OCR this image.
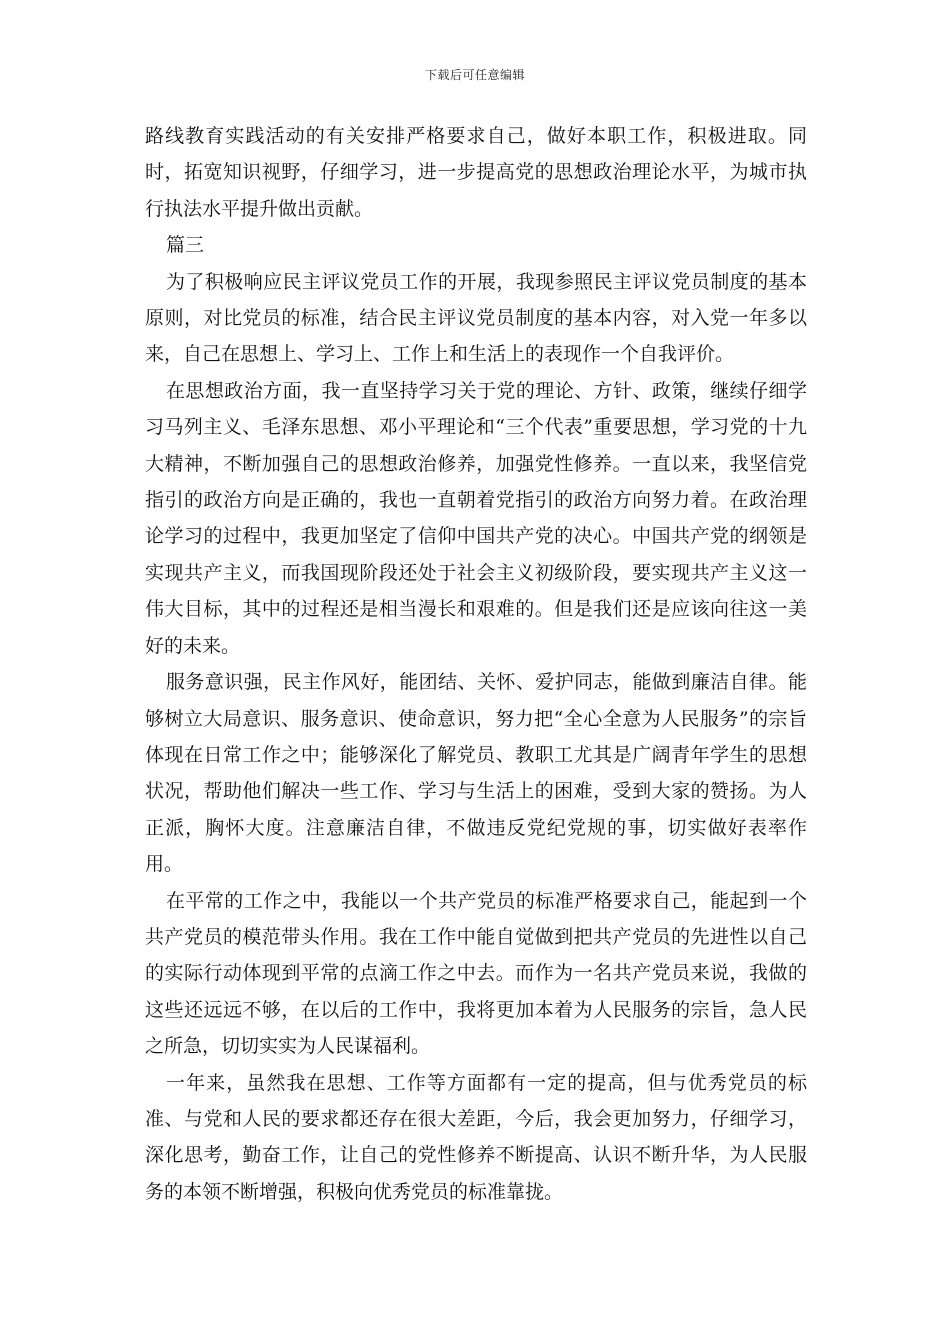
下载后可任意编辑

路线教育实践活动的有关安排严格要求自己，做好本职工作，积极进取。同时，拓宽知识视野，仔细学习，进一步提高党的思想政治理论水平，为城市执行执法水平提升做出贡献。

篇三

为了积极响应民主评议党员工作的开展，我现参照民主评议党员制度的基本原则，对比党员的标准，结合民主评议党员制度的基本内容，对入党一年多以来，自己在思想上、学习上、工作上和生活上的表现作一个自我评价。

在思想政治方面，我一直坚持学习关于党的理论、方针、政策，继续仔细学习马列主义、毛泽东思想、邓小平理论和“三个代表”重要思想，学习党的十九大精神，不断加强自己的思想政治修养，加强党性修养。一直以来，我坚信党指引的政治方向是正确的，我也一直朝着党指引的政治方向努力着。在政治理论学习的过程中，我更加坚定了信仰中国共产党的决心。中国共产党的纲领是实现共产主义，而我国现阶段还处于社会主义初级阶段，要实现共产主义这一伟大目标，其中的过程还是相当漫长和艰难的。但是我们还是应该向往这一美好的未来。

服务意识强，民主作风好，能团结、关怀、爱护同志，能做到廉洁自律。能够树立大局意识、服务意识、使命意识，努力把“全心全意为人民服务”的宗旨体现在日常工作之中；能够深化了解党员、教职工尤其是广阔青年学生的思想状况，帮助他们解决一些工作、学习与生活上的困难，受到大家的赞扬。为人正派，胸怀大度。注意廉洁自律，不做违反党纪党规的事，切实做好表率作用。

在平常的工作之中，我能以一个共产党员的标准严格要求自己，能起到一个共产党员的模范带头作用。我在工作中能自觉做到把共产党员的先进性以自己的实际行动体现到平常的点滴工作之中去。而作为一名共产党员来说，我做的这些还远远不够，在以后的工作中，我将更加本着为人民服务的宗旨，急人民之所急，切切实实为人民谋福利。

一年来，虽然我在思想、工作等方面都有一定的提高，但与优秀党员的标准、与党和人民的要求都还存在很大差距，今后，我会更加努力，仔细学习，深化思考，勤奋工作，让自己的党性修养不断提高、认识不断升华，为人民服务的本领不断增强，积极向优秀党员的标准靠拢。
